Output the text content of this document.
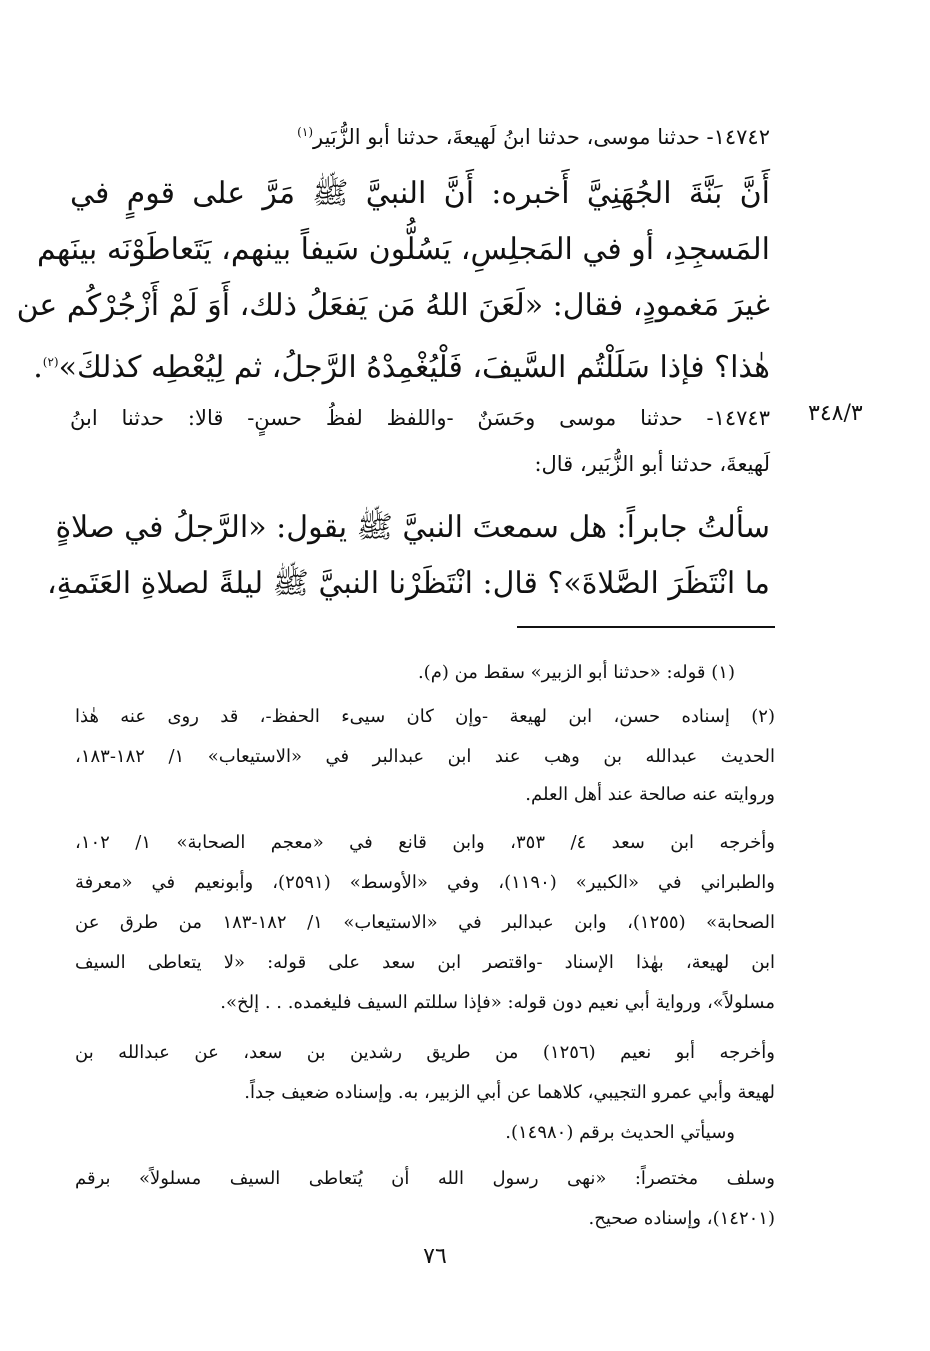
١٤٧٤٢- حدثنا موسى، حدثنا ابنُ لَهيعةَ، حدثنا أبو الزُّبَير$^{(١)}$
أَنَّ بَنَّةَ الجُهَنِيَّ أَخبره: أَنَّ النبيَّ ﷺ مَرَّ على قومٍ في
المَسجِدِ، أو في المَجلِسِ، يَسُلُّون سَيفاً بينهم، يَتَعاطَوْنَه بينَهم
غيرَ مَغمودٍ، فقال: «لَعَنَ اللهُ مَن يَفعَلُ ذلك، أَوَ لَمْ أَزْجُرْكُم عن
هٰذا؟ فإذا سَلَلْتُم السَّيفَ، فَلْيُغْمِدْهُ الرَّجلُ، ثم لِيُعْطِه كذلكَ»$^{(٢)}$.
٣٤٨/٣
١٤٧٤٣- حدثنا موسى وحَسَنٌ -واللفظ لفظُ حسنٍ- قالا: حدثنا ابنُ
لَهيعةَ، حدثنا أبو الزُّبَير، قال:
سألتُ جابراً: هل سمعتَ النبيَّ ﷺ يقول: «الرَّجلُ في صلاةٍ
ما انْتَظَرَ الصَّلاةَ»؟ قال: انْتَظَرْنا النبيَّ ﷺ ليلةً لصلاةِ العَتَمةِ،
(١) قوله: «حدثنا أبو الزبير» سقط من (م).
(٢) إسناده حسن، ابن لهيعة -وإن كان سيىء الحفظ-، قد روى عنه هٰذا
الحديث عبدالله بن وهب عند ابن عبدالبر في «الاستيعاب» ١/ ١٨٢-١٨٣،
وروايته عنه صالحة عند أهل العلم.
وأخرجه ابن سعد ٤/ ٣٥٣، وابن قانع في «معجم الصحابة» ١/ ١٠٢،
والطبراني في «الكبير» (١١٩٠)، وفي «الأوسط» (٢٥٩١)، وأبونعيم في «معرفة
الصحابة» (١٢٥٥)، وابن عبدالبر في «الاستيعاب» ١/ ١٨٢-١٨٣ من طرق عن
ابن لهيعة، بهٰذا الإسناد -واقتصر ابن سعد على قوله: «لا يتعاطى السيف
مسلولاً»، ورواية أبي نعيم دون قوله: «فإذا سللتم السيف فليغمده. . . إلخ».
وأخرجه أبو نعيم (١٢٥٦) من طريق رشدين بن سعد، عن عبدالله بن
لهيعة وأبي عمرو التجيبي، كلاهما عن أبي الزبير، به. وإسناده ضعيف جداً.
وسيأتي الحديث برقم (١٤٩٨٠).
وسلف مختصراً: «نهى رسول الله أن يُتعاطى السيف مسلولاً» برقم
(١٤٢٠١)، وإسناده صحيح.
٧٦
